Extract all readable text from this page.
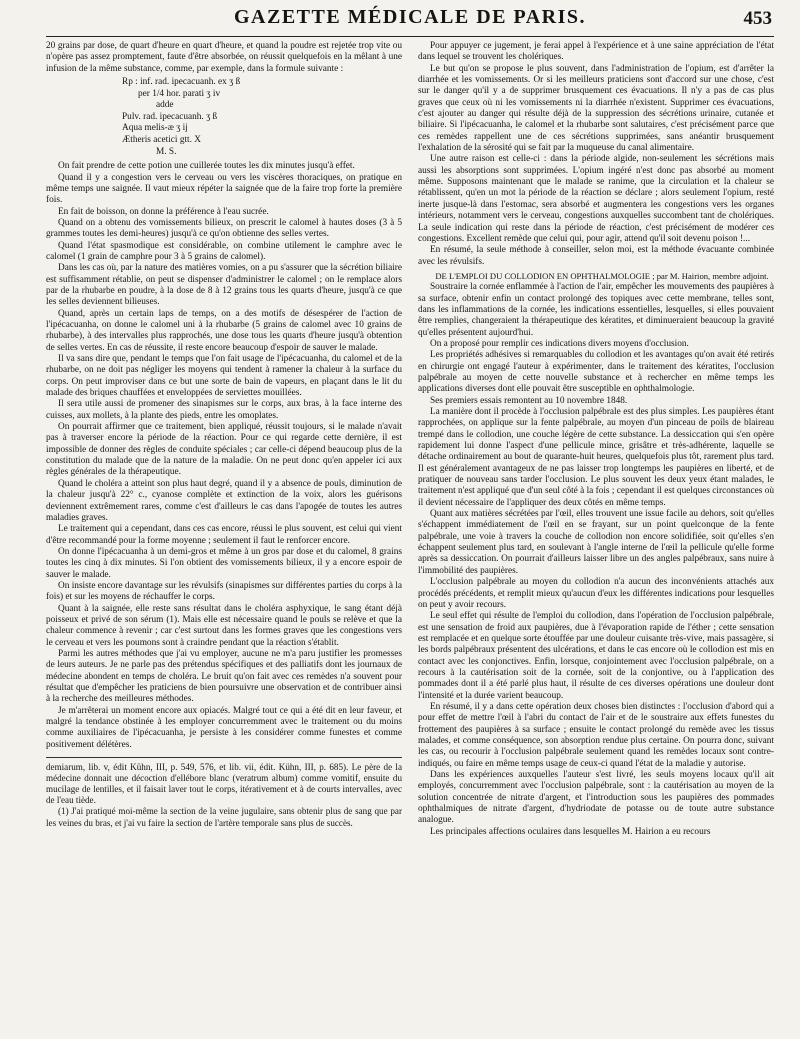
GAZETTE MÉDICALE DE PARIS.	453

20 grains par dose, de quart d'heure en quart d'heure, et quand la poudre est rejetée trop vite ou n'opère pas assez promptement, faute d'être absorbée, on réussit quelquefois en la mêlant à une infusion de la même substance, comme, par exemple, dans la formule suivante :

Rp : inf. rad. ipecacuanh. ex ʒ ß
per 1/4 hor. parati ʒ iv
adde
Pulv. rad. ipecacuanh. ʒ ß
Aqua melis-æ ʒ ij
Ætheris acetici gtt. X
M. S.

On fait prendre de cette potion une cuillerée toutes les dix minutes jusqu'à effet.

Quand il y a congestion vers le cerveau ou vers les viscères thoraciques, on pratique en même temps une saignée. Il vaut mieux répéter la saignée que de la faire trop forte la première fois.

En fait de boisson, on donne la préférence à l'eau sucrée.

Quand on a obtenu des vomissements bilieux, on prescrit le calomel à hautes doses (3 à 5 grammes toutes les demi-heures) jusqu'à ce qu'on obtienne des selles vertes.

Quand l'état spasmodique est considérable, on combine utilement le camphre avec le calomel (1 grain de camphre pour 3 à 5 grains de calomel).

Dans les cas où, par la nature des matières vomies, on a pu s'assurer que la sécrétion biliaire est suffisamment rétablie, on peut se dispenser d'administrer le calomel ; on le remplace alors par de la rhubarbe en poudre, à la dose de 8 à 12 grains tous les quarts d'heure, jusqu'à ce que les selles deviennent bilieuses.

Quand, après un certain laps de temps, on a des motifs de désespérer de l'action de l'ipécacuanha, on donne le calomel uni à la rhubarbe (5 grains de calomel avec 10 grains de rhubarbe), à des intervalles plus rapprochés, une dose tous les quarts d'heure jusqu'à obtention de selles vertes. En cas de réussite, il reste encore beaucoup d'espoir de sauver le malade.

Il va sans dire que, pendant le temps que l'on fait usage de l'ipécacuanha, du calomel et de la rhubarbe, on ne doit pas négliger les moyens qui tendent à ramener la chaleur à la surface du corps. On peut improviser dans ce but une sorte de bain de vapeurs, en plaçant dans le lit du malade des briques chauffées et enveloppées de serviettes mouillées.

Il sera utile aussi de promener des sinapismes sur le corps, aux bras, à la face interne des cuisses, aux mollets, à la plante des pieds, entre les omoplates.

On pourrait affirmer que ce traitement, bien appliqué, réussit toujours, si le malade n'avait pas à traverser encore la période de la réaction. Pour ce qui regarde cette dernière, il est impossible de donner des règles de conduite spéciales ; car celle-ci dépend beaucoup plus de la constitution du malade que de la nature de la maladie. On ne peut donc qu'en appeler ici aux règles générales de la thérapeutique.

Quand le choléra a atteint son plus haut degré, quand il y a absence de pouls, diminution de la chaleur jusqu'à 22° c., cyanose complète et extinction de la voix, alors les guérisons deviennent extrêmement rares, comme c'est d'ailleurs le cas dans l'apogée de toutes les autres maladies graves.

Le traitement qui a cependant, dans ces cas encore, réussi le plus souvent, est celui qui vient d'être recommandé pour la forme moyenne ; seulement il faut le renforcer encore.

On donne l'ipécacuanha à un demi-gros et même à un gros par dose et du calomel, 8 grains toutes les cinq à dix minutes. Si l'on obtient des vomissements bilieux, il y a encore espoir de sauver le malade.

On insiste encore davantage sur les révulsifs (sinapismes sur différentes parties du corps à la fois) et sur les moyens de réchauffer le corps.

Quant à la saignée, elle reste sans résultat dans le choléra asphyxique, le sang étant déjà poisseux et privé de son sérum (1). Mais elle est nécessaire quand le pouls se relève et que la chaleur commence à revenir ; car c'est surtout dans les formes graves que les congestions vers le cerveau et vers les poumons sont à craindre pendant que la réaction s'établit.

Parmi les autres méthodes que j'ai vu employer, aucune ne m'a paru justifier les promesses de leurs auteurs. Je ne parle pas des prétendus spécifiques et des palliatifs dont les journaux de médecine abondent en temps de choléra. Le bruit qu'on fait avec ces remèdes n'a souvent pour résultat que d'empêcher les praticiens de bien poursuivre une observation et de contribuer ainsi à la recherche des meilleures méthodes.

Je m'arrêterai un moment encore aux opiacés. Malgré tout ce qui a été dit en leur faveur, et malgré la tendance obstinée à les employer concurremment avec le traitement ou du moins comme auxiliaires de l'ipécacuanha, je persiste à les considérer comme funestes et comme positivement délétères.

demiarum, lib. v, édit Kühn, III, p. 549, 576, et lib. vii, édit. Kühn, III, p. 685). Le père de la médecine donnait une décoction d'ellébore blanc (veratrum album) comme vomitif, ensuite du mucilage de lentilles, et il faisait laver tout le corps, itérativement et à de courts intervalles, avec de l'eau tiède.

(1) J'ai pratiqué moi-même la section de la veine jugulaire, sans obtenir plus de sang que par les veines du bras, et j'ai vu faire la section de l'artère temporale sans plus de succès.

Pour appuyer ce jugement, je ferai appel à l'expérience et à une saine appréciation de l'état dans lequel se trouvent les cholériques.

Le but qu'on se propose le plus souvent, dans l'administration de l'opium, est d'arrêter la diarrhée et les vomissements. Or si les meilleurs praticiens sont d'accord sur une chose, c'est sur le danger qu'il y a de supprimer brusquement ces évacuations. Il n'y a pas de cas plus graves que ceux où ni les vomissements ni la diarrhée n'existent. Supprimer ces évacuations, c'est ajouter au danger qui résulte déjà de la suppression des sécrétions urinaire, cutanée et biliaire. Si l'ipécacuanha, le calomel et la rhubarbe sont salutaires, c'est précisément parce que ces remèdes rappellent une de ces sécrétions supprimées, sans anéantir brusquement l'exhalation de la sérosité qui se fait par la muqueuse du canal alimentaire.

Une autre raison est celle-ci : dans la période algide, non-seulement les sécrétions mais aussi les absorptions sont supprimées. L'opium ingéré n'est donc pas absorbé au moment même. Supposons maintenant que le malade se ranime, que la circulation et la chaleur se rétablissent, qu'en un mot la période de la réaction se déclare ; alors seulement l'opium, resté inerte jusque-là dans l'estomac, sera absorbé et augmentera les congestions vers les organes intérieurs, notamment vers le cerveau, congestions auxquelles succombent tant de cholériques. La seule indication qui reste dans la période de réaction, c'est précisément de modérer ces congestions. Excellent remède que celui qui, pour agir, attend qu'il soit devenu poison !...

En résumé, la seule méthode à conseiller, selon moi, est la méthode évacuante combinée avec les révulsifs.

DE L'EMPLOI DU COLLODION EN OPHTHALMOLOGIE ; par M. Hairion, membre adjoint.

Soustraire la cornée enflammée à l'action de l'air, empêcher les mouvements des paupières à sa surface, obtenir enfin un contact prolongé des topiques avec cette membrane, telles sont, dans les inflammations de la cornée, les indications essentielles, lesquelles, si elles pouvaient être remplies, changeraient la thérapeutique des kératites, et diminueraient beaucoup la gravité qu'elles présentent aujourd'hui.

On a proposé pour remplir ces indications divers moyens d'occlusion.

Les propriétés adhésives si remarquables du collodion et les avantages qu'on avait été retirés en chirurgie ont engagé l'auteur à expérimenter, dans le traitement des kératites, l'occlusion palpébrale au moyen de cette nouvelle substance et à rechercher en même temps les applications diverses dont elle pouvait être susceptible en ophthalmologie.

Ses premiers essais remontent au 10 novembre 1848.

La manière dont il procède à l'occlusion palpébrale est des plus simples. Les paupières étant rapprochées, on applique sur la fente palpébrale, au moyen d'un pinceau de poils de blaireau trempé dans le collodion, une couche légère de cette substance. La dessiccation qui s'en opère rapidement lui donne l'aspect d'une pellicule mince, grisâtre et très-adhérente, laquelle se détache ordinairement au bout de quarante-huit heures, quelquefois plus tôt, rarement plus tard. Il est généralement avantageux de ne pas laisser trop longtemps les paupières en liberté, et de pratiquer de nouveau sans tarder l'occlusion. Le plus souvent les deux yeux étant malades, le traitement n'est appliqué que d'un seul côté à la fois ; cependant il est quelques circonstances où il devient nécessaire de l'appliquer des deux côtés en même temps.

Quant aux matières sécrétées par l'œil, elles trouvent une issue facile au dehors, soit qu'elles s'échappent immédiatement de l'œil en se frayant, sur un point quelconque de la fente palpébrale, une voie à travers la couche de collodion non encore solidifiée, soit qu'elles s'en échappent seulement plus tard, en soulevant à l'angle interne de l'œil la pellicule qu'elle forme après sa dessiccation. On pourrait d'ailleurs laisser libre un des angles palpébraux, sans nuire à l'immobilité des paupières.

L'occlusion palpébrale au moyen du collodion n'a aucun des inconvénients attachés aux procédés précédents, et remplit mieux qu'aucun d'eux les différentes indications pour lesquelles on peut y avoir recours.

Le seul effet qui résulte de l'emploi du collodion, dans l'opération de l'occlusion palpébrale, est une sensation de froid aux paupières, due à l'évaporation rapide de l'éther ; cette sensation est remplacée et en quelque sorte étouffée par une douleur cuisante très-vive, mais passagère, si les bords palpébraux présentent des ulcérations, et dans le cas encore où le collodion est mis en contact avec les conjonctives. Enfin, lorsque, conjointement avec l'occlusion palpébrale, on a recours à la cautérisation soit de la cornée, soit de la conjontive, ou à l'application des pommades dont il a été parlé plus haut, il résulte de ces diverses opérations une douleur dont l'intensité et la durée varient beaucoup.

En résumé, il y a dans cette opération deux choses bien distinctes : l'occlusion d'abord qui a pour effet de mettre l'œil à l'abri du contact de l'air et de le soustraire aux effets funestes du frottement des paupières à sa surface ; ensuite le contact prolongé du remède avec les tissus malades, et comme conséquence, son absorption rendue plus certaine. On pourra donc, suivant les cas, ou recourir à l'occlusion palpébrale seulement quand les remèdes locaux sont contre-indiqués, ou faire en même temps usage de ceux-ci quand l'état de la maladie y autorise.

Dans les expériences auxquelles l'auteur s'est livré, les seuls moyens locaux qu'il ait employés, concurremment avec l'occlusion palpébrale, sont : la cautérisation au moyen de la solution concentrée de nitrate d'argent, et l'introduction sous les paupières des pommades ophthalmiques de nitrate d'argent, d'hydriodate de potasse ou de toute autre substance analogue.

Les principales affections oculaires dans lesquelles M. Hairion a eu recours
